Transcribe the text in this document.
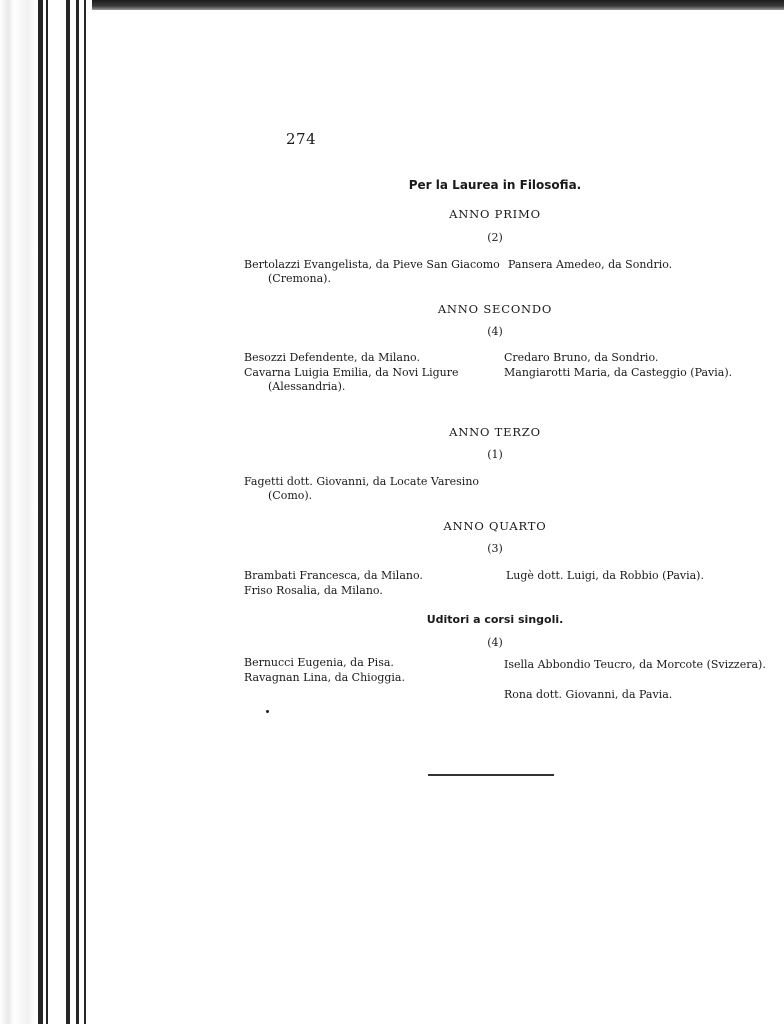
274
Per la Laurea in Filosofia.
ANNO PRIMO
(2)
Bertolazzi Evangelista, da Pieve San Giacomo (Cremona).
Pansera Amedeo, da Sondrio.
ANNO SECONDO
(4)
Besozzi Defendente, da Milano.
Cavarna Luigia Emilia, da Novi Ligure (Alessandria).
Credaro Bruno, da Sondrio.
Mangiarotti Maria, da Casteggio (Pavia).
ANNO TERZO
(1)
Fagetti dott. Giovanni, da Locate Varesino (Como).
ANNO QUARTO
(3)
Brambati Francesca, da Milano.
Friso Rosalia, da Milano.
Lugè dott. Luigi, da Robbio (Pavia).
Uditori a corsi singoli.
(4)
Bernucci Eugenia, da Pisa.
Ravagnan Lina, da Chioggia.
Isella Abbondio Teucro, da Morcote (Svizzera).
Rona dott. Giovanni, da Pavia.
